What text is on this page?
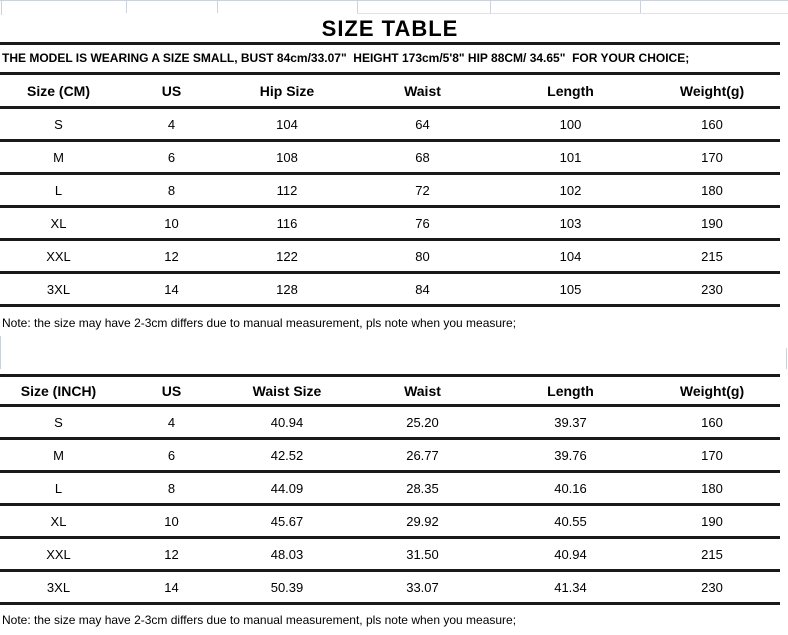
SIZE TABLE
THE MODEL IS WEARING A SIZE SMALL, BUST 84cm/33.07"  HEIGHT 173cm/5'8" HIP 88CM/ 34.65"  FOR YOUR CHOICE;
Size (CM)	US	Hip Size	Waist	Length	Weight(g)
S	4	104	64	100	160
M	6	108	68	101	170
L	8	112	72	102	180
XL	10	116	76	103	190
XXL	12	122	80	104	215
3XL	14	128	84	105	230
Note: the size may have 2-3cm differs due to manual measurement, pls note when you measure;
Size (INCH)	US	Waist Size	Waist	Length	Weight(g)
S	4	40.94	25.20	39.37	160
M	6	42.52	26.77	39.76	170
L	8	44.09	28.35	40.16	180
XL	10	45.67	29.92	40.55	190
XXL	12	48.03	31.50	40.94	215
3XL	14	50.39	33.07	41.34	230
Note: the size may have 2-3cm differs due to manual measurement, pls note when you measure;
